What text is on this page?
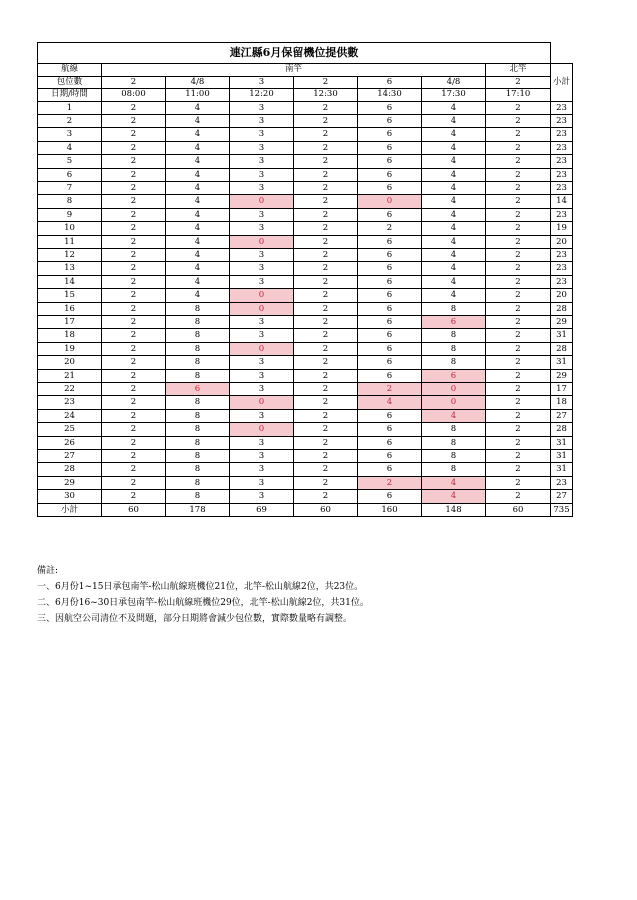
連江縣6月保留機位提供數								
航線	南竿						北竿	小計
包位數	2	4/8	3	2	6	4/8	2	
日期/時間	08:00	11:00	12:20	12:30	14:30	17:30	17:10	
1	2	4	3	2	6	4	2	23
2	2	4	3	2	6	4	2	23
3	2	4	3	2	6	4	2	23
4	2	4	3	2	6	4	2	23
5	2	4	3	2	6	4	2	23
6	2	4	3	2	6	4	2	23
7	2	4	3	2	6	4	2	23
8	2	4	0	2	0	4	2	14
9	2	4	3	2	6	4	2	23
10	2	4	3	2	2	4	2	19
11	2	4	0	2	6	4	2	20
12	2	4	3	2	6	4	2	23
13	2	4	3	2	6	4	2	23
14	2	4	3	2	6	4	2	23
15	2	4	0	2	6	4	2	20
16	2	8	0	2	6	8	2	28
17	2	8	3	2	6	6	2	29
18	2	8	3	2	6	8	2	31
19	2	8	0	2	6	8	2	28
20	2	8	3	2	6	8	2	31
21	2	8	3	2	6	6	2	29
22	2	6	3	2	2	0	2	17
23	2	8	0	2	4	0	2	18
24	2	8	3	2	6	4	2	27
25	2	8	0	2	6	8	2	28
26	2	8	3	2	6	8	2	31
27	2	8	3	2	6	8	2	31
28	2	8	3	2	6	8	2	31
29	2	8	3	2	2	4	2	23
30	2	8	3	2	6	4	2	27
小計	60	178	69	60	160	148	60	735
備註:
一、6月份1~15日承包南竿-松山航線班機位21位，北竿-松山航線2位，共23位。
二、6月份16~30日承包南竿-松山航線班機位29位，北竿-松山航線2位，共31位。
三、因航空公司清位不及問題，部分日期將會減少包位數，實際數量略有調整。
